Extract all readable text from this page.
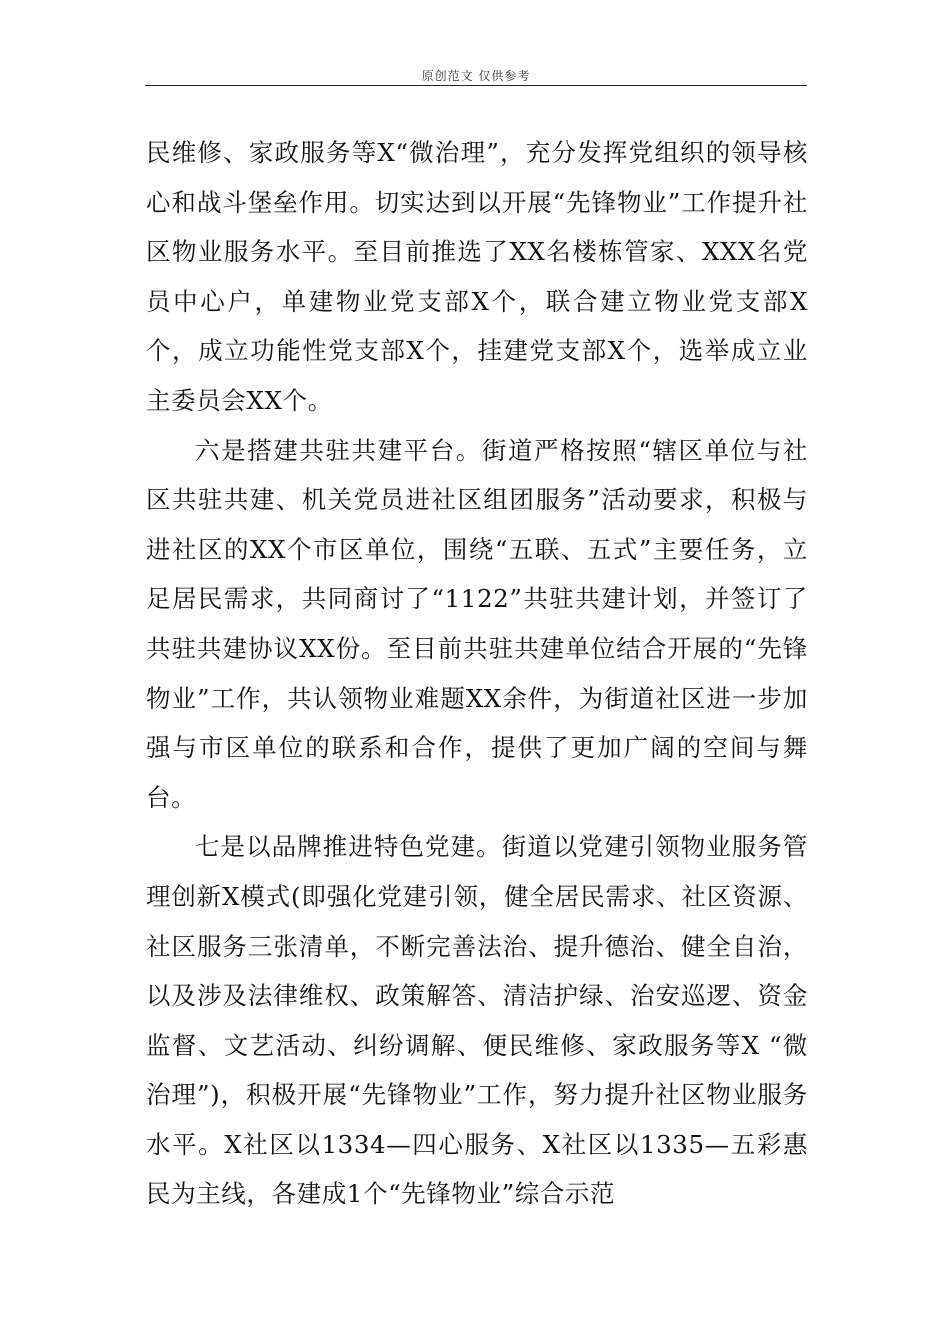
原创范文 仅供参考

民维修、家政服务等X“微治理”，充分发挥党组织的领导核心和战斗堡垒作用。切实达到以开展“先锋物业”工作提升社区物业服务水平。至目前推选了XX名楼栋管家、XXX名党员中心户，单建物业党支部X个，联合建立物业党支部X个，成立功能性党支部X个，挂建党支部X个，选举成立业主委员会XX个。

六是搭建共驻共建平台。街道严格按照“辖区单位与社区共驻共建、机关党员进社区组团服务”活动要求，积极与进社区的XX个市区单位，围绕“五联、五式”主要任务，立足居民需求，共同商讨了“1122”共驻共建计划，并签订了共驻共建协议XX份。至目前共驻共建单位结合开展的“先锋物业”工作，共认领物业难题XX余件，为街道社区进一步加强与市区单位的联系和合作，提供了更加广阔的空间与舞台。

七是以品牌推进特色党建。街道以党建引领物业服务管理创新X模式(即强化党建引领，健全居民需求、社区资源、社区服务三张清单，不断完善法治、提升德治、健全自治，以及涉及法律维权、政策解答、清洁护绿、治安巡逻、资金监督、文艺活动、纠纷调解、便民维修、家政服务等X “微治理”)，积极开展“先锋物业”工作，努力提升社区物业服务水平。X社区以1334—四心服务、X社区以1335—五彩惠民为主线，各建成1个“先锋物业”综合示范
